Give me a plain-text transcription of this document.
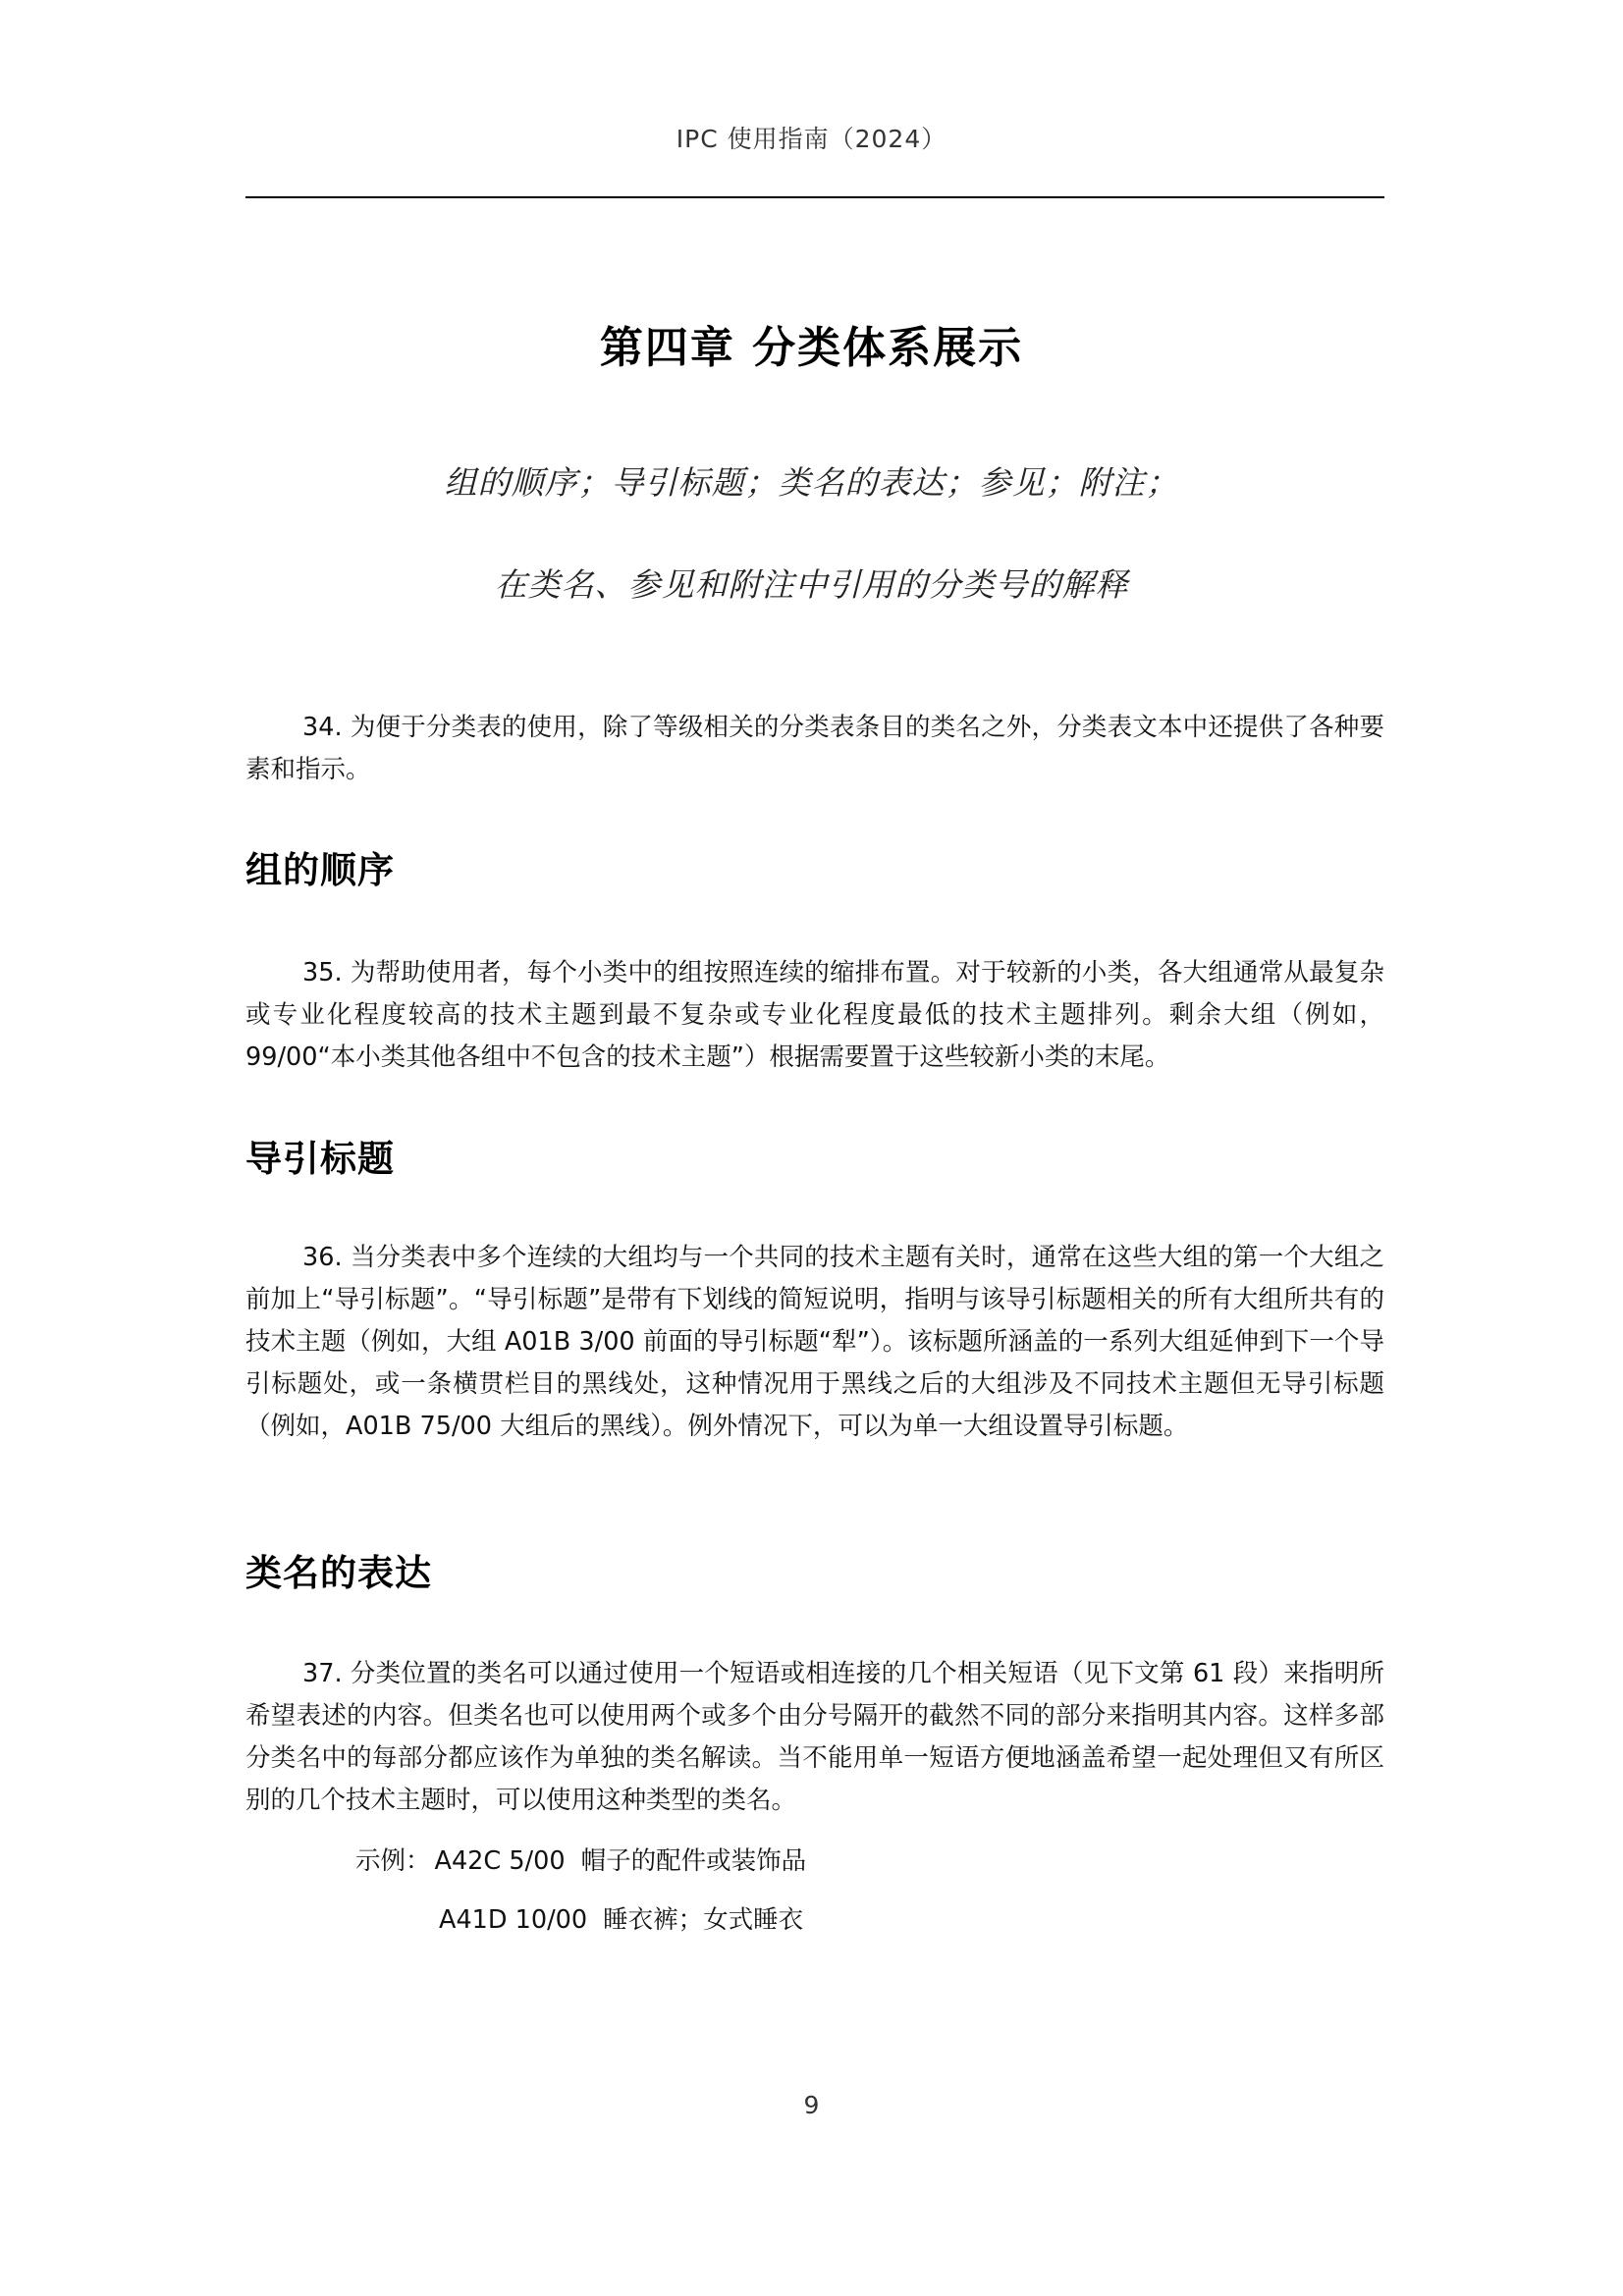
IPC 使用指南（2024）
第四章 分类体系展示
组的顺序；导引标题；类名的表达；参见；附注；
在类名、参见和附注中引用的分类号的解释
34. 为便于分类表的使用，除了等级相关的分类表条目的类名之外，分类表文本中还提供了各种要素和指示。
组的顺序
35. 为帮助使用者，每个小类中的组按照连续的缩排布置。对于较新的小类，各大组通常从最复杂或专业化程度较高的技术主题到最不复杂或专业化程度最低的技术主题排列。剩余大组（例如，99/00“本小类其他各组中不包含的技术主题”）根据需要置于这些较新小类的末尾。
导引标题
36. 当分类表中多个连续的大组均与一个共同的技术主题有关时，通常在这些大组的第一个大组之前加上“导引标题”。“导引标题”是带有下划线的简短说明，指明与该导引标题相关的所有大组所共有的技术主题（例如，大组 A01B 3/00 前面的导引标题“犁”）。该标题所涵盖的一系列大组延伸到下一个导引标题处，或一条横贯栏目的黑线处，这种情况用于黑线之后的大组涉及不同技术主题但无导引标题（例如，A01B 75/00 大组后的黑线）。例外情况下，可以为单一大组设置导引标题。
类名的表达
37. 分类位置的类名可以通过使用一个短语或相连接的几个相关短语（见下文第 61 段）来指明所希望表述的内容。但类名也可以使用两个或多个由分号隔开的截然不同的部分来指明其内容。这样多部分类名中的每部分都应该作为单独的类名解读。当不能用单一短语方便地涵盖希望一起处理但又有所区别的几个技术主题时，可以使用这种类型的类名。
示例： A42C 5/00 帽子的配件或装饰品
A41D 10/00 睡衣裤；女式睡衣
9
